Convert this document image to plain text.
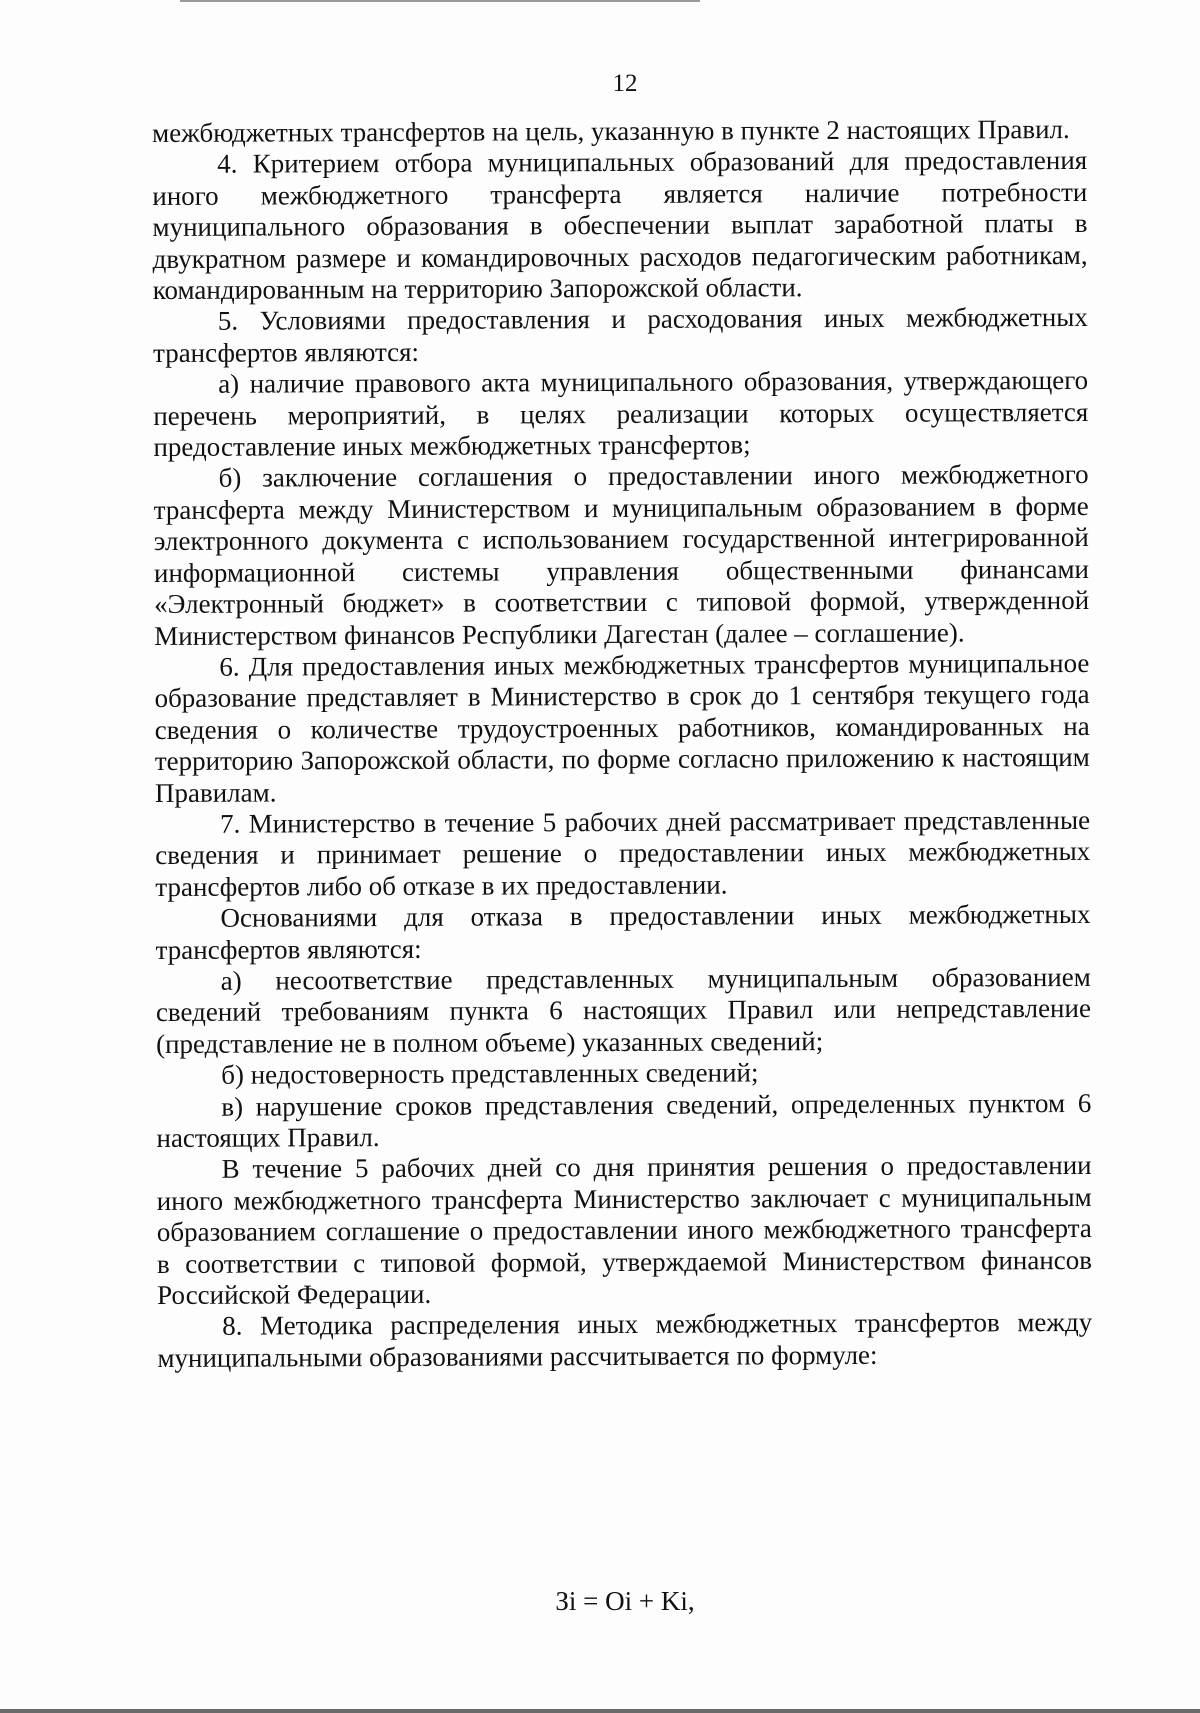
12

межбюджетных трансфертов на цель, указанную в пункте 2 настоящих Правил.

4. Критерием отбора муниципальных образований для предоставления иного межбюджетного трансферта является наличие потребности муниципального образования в обеспечении выплат заработной платы в двукратном размере и командировочных расходов педагогическим работникам, командированным на территорию Запорожской области.

5. Условиями предоставления и расходования иных межбюджетных трансфертов являются:

а) наличие правового акта муниципального образования, утверждающего перечень мероприятий, в целях реализации которых осуществляется предоставление иных межбюджетных трансфертов;

б) заключение соглашения о предоставлении иного межбюджетного трансферта между Министерством и муниципальным образованием в форме электронного документа с использованием государственной интегрированной информационной системы управления общественными финансами «Электронный бюджет» в соответствии с типовой формой, утвержденной Министерством финансов Республики Дагестан (далее – соглашение).

6. Для предоставления иных межбюджетных трансфертов муниципальное образование представляет в Министерство в срок до 1 сентября текущего года сведения о количестве трудоустроенных работников, командированных на территорию Запорожской области, по форме согласно приложению к настоящим Правилам.

7. Министерство в течение 5 рабочих дней рассматривает представленные сведения и принимает решение о предоставлении иных межбюджетных трансфертов либо об отказе в их предоставлении.

Основаниями для отказа в предоставлении иных межбюджетных трансфертов являются:

а) несоответствие представленных муниципальным образованием сведений требованиям пункта 6 настоящих Правил или непредставление (представление не в полном объеме) указанных сведений;

б) недостоверность представленных сведений;

в) нарушение сроков представления сведений, определенных пунктом 6 настоящих Правил.

В течение 5 рабочих дней со дня принятия решения о предоставлении иного межбюджетного трансферта Министерство заключает с муниципальным образованием соглашение о предоставлении иного межбюджетного трансферта в соответствии с типовой формой, утверждаемой Министерством финансов Российской Федерации.

8. Методика распределения иных межбюджетных трансфертов между муниципальными образованиями рассчитывается по формуле:

Зi = Oi + Ki,
